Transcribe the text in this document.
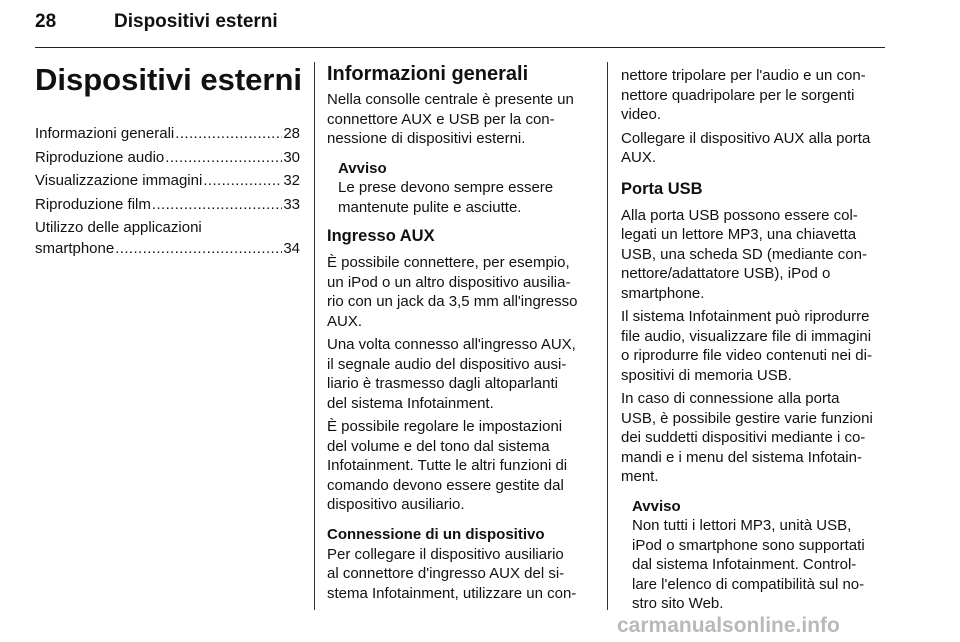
28	Dispositivi esterni
Dispositivi esterni
Informazioni generali .....	28
Riproduzione audio .....	30
Visualizzazione immagini .....	32
Riproduzione film .....	33
Utilizzo delle applicazioni
smartphone .....	34
Informazioni generali
Nella consolle centrale è presente un
connettore AUX e USB per la con-
nessione di dispositivi esterni.
Avviso
Le prese devono sempre essere
mantenute pulite e asciutte.
Ingresso AUX
È possibile connettere, per esempio,
un iPod o un altro dispositivo ausilia-
rio con un jack da 3,5 mm all'ingresso
AUX.
Una volta connesso all'ingresso AUX,
il segnale audio del dispositivo ausi-
liario è trasmesso dagli altoparlanti
del sistema Infotainment.
È possibile regolare le impostazioni
del volume e del tono dal sistema
Infotainment. Tutte le altri funzioni di
comando devono essere gestite dal
dispositivo ausiliario.
Connessione di un dispositivo
Per collegare il dispositivo ausiliario
al connettore d'ingresso AUX del si-
stema Infotainment, utilizzare un con-
nettore tripolare per l'audio e un con-
nettore quadripolare per le sorgenti
video.
Collegare il dispositivo AUX alla porta
AUX.
Porta USB
Alla porta USB possono essere col-
legati un lettore MP3, una chiavetta
USB, una scheda SD (mediante con-
nettore/adattatore USB), iPod o
smartphone.
Il sistema Infotainment può riprodurre
file audio, visualizzare file di immagini
o riprodurre file video contenuti nei di-
spositivi di memoria USB.
In caso di connessione alla porta
USB, è possibile gestire varie funzioni
dei suddetti dispositivi mediante i co-
mandi e i menu del sistema Infotain-
ment.
Avviso
Non tutti i lettori MP3, unità USB,
iPod o smartphone sono supportati
dal sistema Infotainment. Control-
lare l'elenco di compatibilità sul no-
stro sito Web.
carmanualsonline.info
